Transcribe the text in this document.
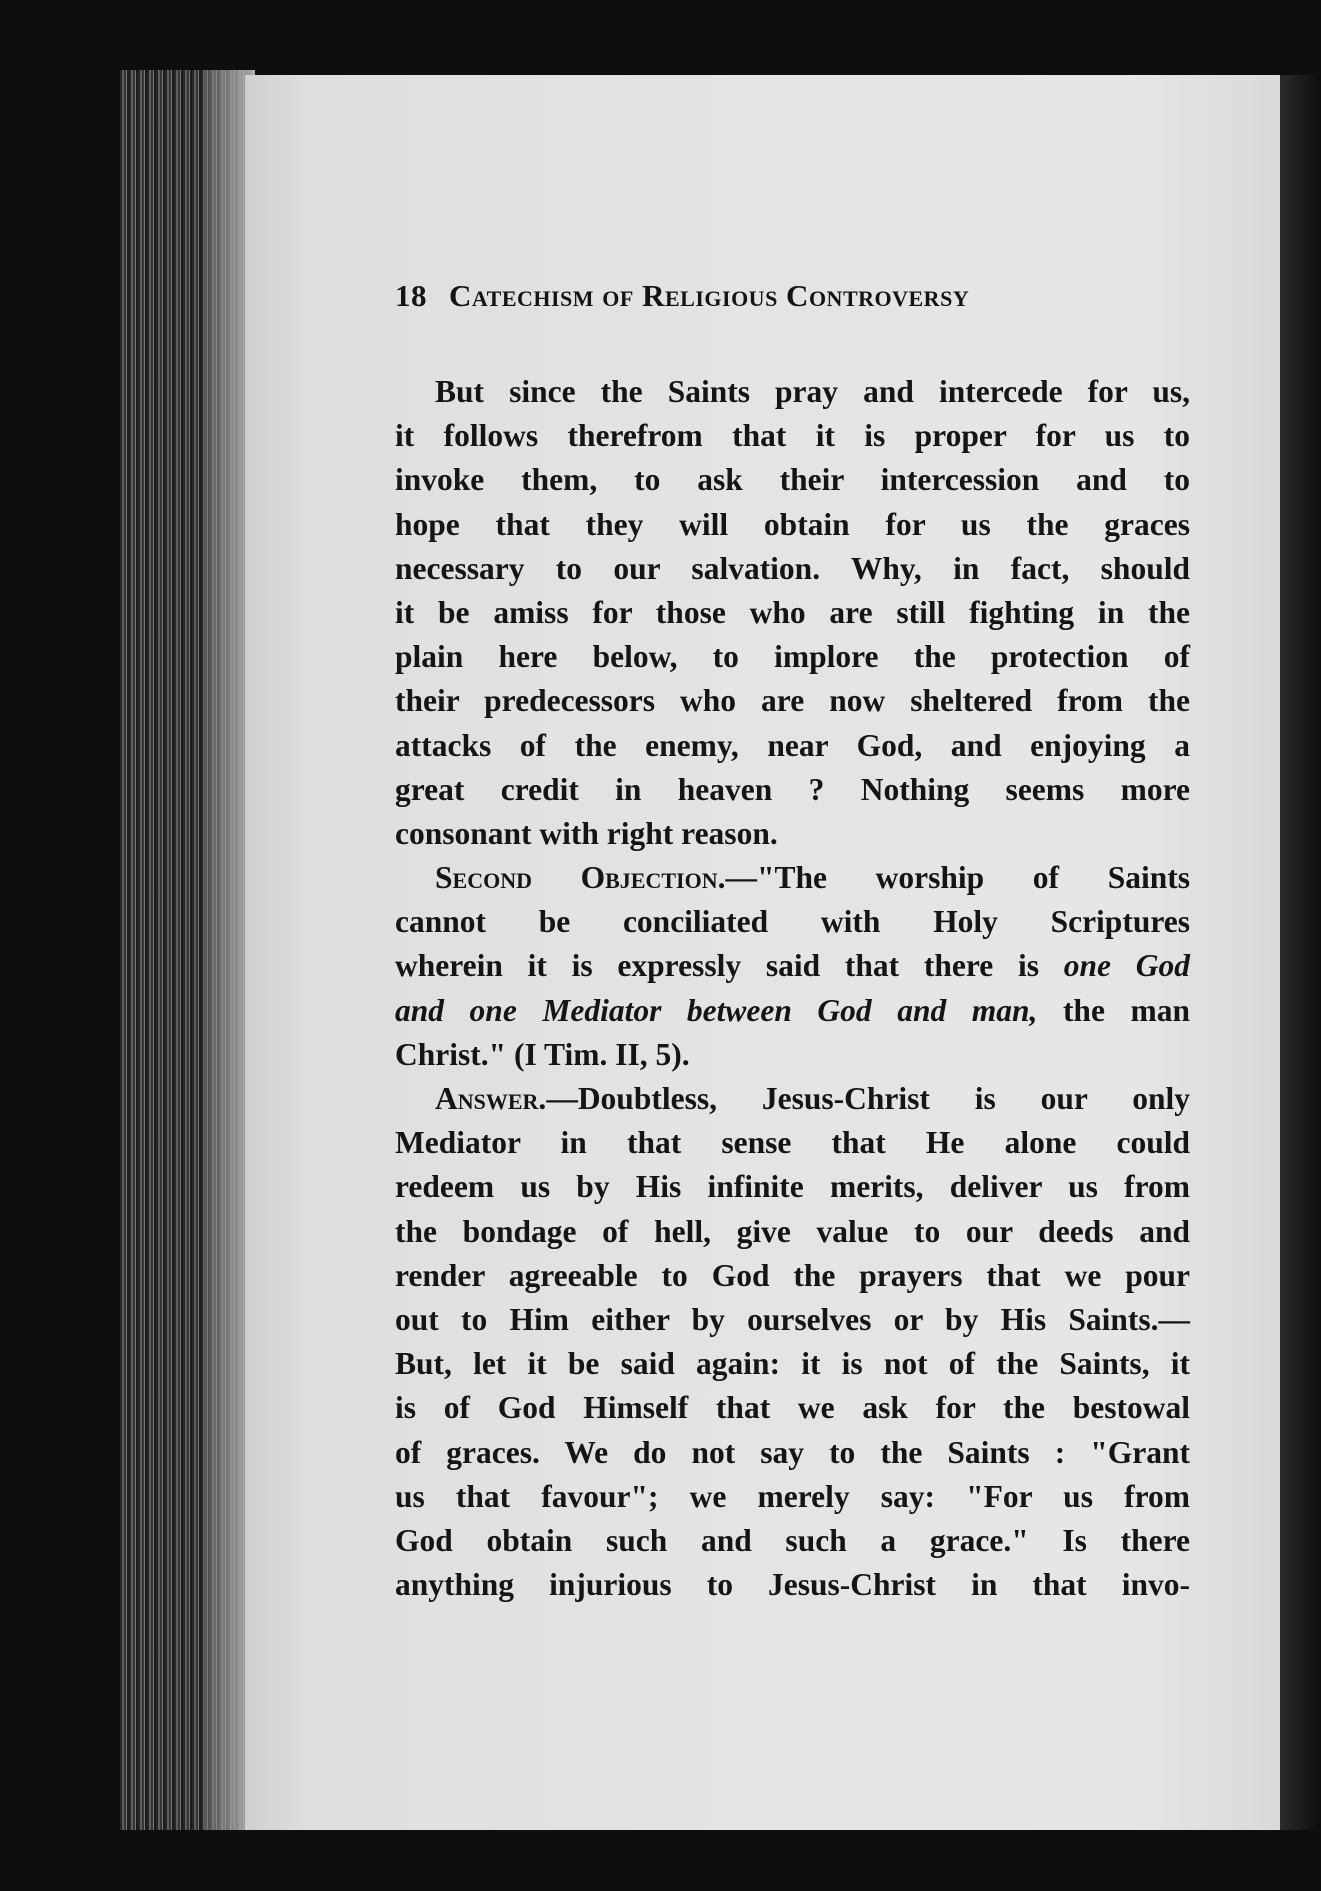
18 Catechism of Religious Controversy
But since the Saints pray and intercede for us,
it follows therefrom that it is proper for us to
invoke them, to ask their intercession and to
hope that they will obtain for us the graces
necessary to our salvation. Why, in fact, should
it be amiss for those who are still fighting in the
plain here below, to implore the protection of
their predecessors who are now sheltered from the
attacks of the enemy, near God, and enjoying a
great credit in heaven ? Nothing seems more
consonant with right reason.
Second Objection.—"The worship of Saints
cannot be conciliated with Holy Scriptures
wherein it is expressly said that there is one God
and one Mediator between God and man, the man
Christ." (I Tim. II, 5).
Answer.—Doubtless, Jesus-Christ is our only
Mediator in that sense that He alone could
redeem us by His infinite merits, deliver us from
the bondage of hell, give value to our deeds and
render agreeable to God the prayers that we pour
out to Him either by ourselves or by His Saints.—
But, let it be said again: it is not of the Saints, it
is of God Himself that we ask for the bestowal
of graces. We do not say to the Saints : "Grant
us that favour"; we merely say: "For us from
God obtain such and such a grace." Is there
anything injurious to Jesus-Christ in that invo-
